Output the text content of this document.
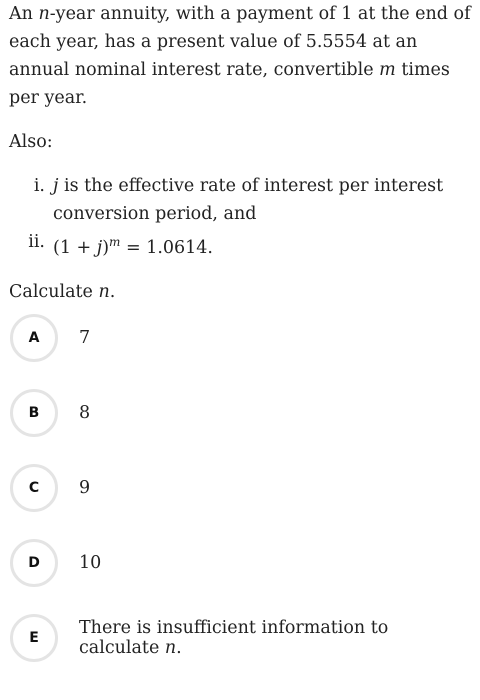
An n-year annuity, with a payment of 1 at the end of each year, has a present value of 5.5554 at an annual nominal interest rate, convertible m times per year.

Also:

i. j is the effective rate of interest per interest conversion period, and
ii. $(1 + j)^m = 1.0614$.

Calculate n.

A	7
B	8
C	9
D	10
E	There is insufficient information to calculate n.
